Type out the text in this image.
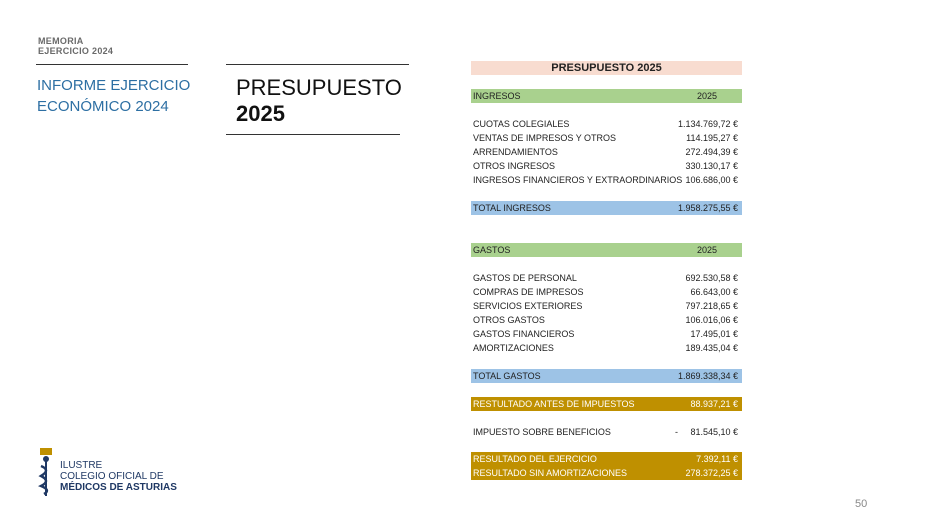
MEMORIA
EJERCICIO 2024
INFORME EJERCICIO
ECONÓMICO 2024
PRESUPUESTO
2025
PRESUPUESTO 2025
INGRESOS	2025
CUOTAS COLEGIALES	1.134.769,72 €
VENTAS DE IMPRESOS Y OTROS	114.195,27 €
ARRENDAMIENTOS	272.494,39 €
OTROS INGRESOS	330.130,17 €
INGRESOS FINANCIEROS Y EXTRAORDINARIOS 106.686,00 €
TOTAL INGRESOS	1.958.275,55 €
GASTOS	2025
GASTOS DE PERSONAL	692.530,58 €
COMPRAS DE IMPRESOS	66.643,00 €
SERVICIOS EXTERIORES	797.218,65 €
OTROS GASTOS	106.016,06 €
GASTOS FINANCIEROS	17.495,01 €
AMORTIZACIONES	189.435,04 €
TOTAL GASTOS	1.869.338,34 €
RESTULTADO ANTES DE IMPUESTOS	88.937,21 €
IMPUESTO SOBRE BENEFICIOS	- 81.545,10 €
RESULTADO DEL EJERCICIO	7.392,11 €
RESULTADO SIN AMORTIZACIONES	278.372,25 €
ILUSTRE
COLEGIO OFICIAL DE
MÉDICOS DE ASTURIAS
50
